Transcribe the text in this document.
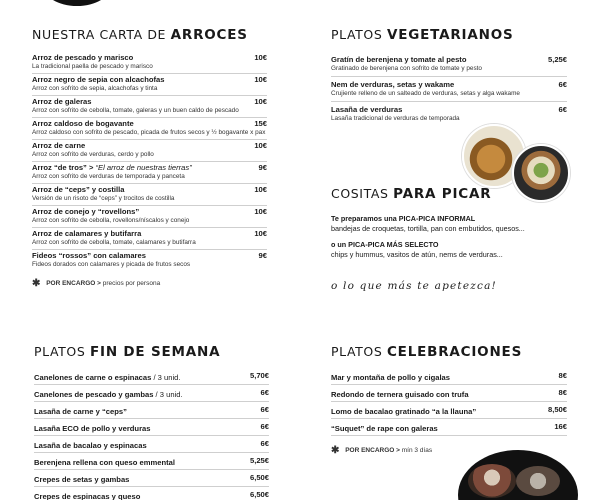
NUESTRA CARTA DE ARROCES
Arroz de pescado y marisco
La tradicional paella de pescado y marisco
10€
Arroz negro de sepia con alcachofas
Arroz con sofrito de sepia, alcachofas y tinta
10€
Arroz de galeras
Arroz con sofrito de cebolla, tomate, galeras y un buen caldo de pescado
10€
Arroz caldoso de bogavante
Arroz caldoso con sofrito de pescado, picada de frutos secos y ½ bogavante x pax
15€
Arroz de carne
Arroz con sofrito de verduras, cerdo y pollo
10€
Arroz “de tros” > “El arroz de nuestras tierras”
Arroz con sofrito de verduras de temporada y panceta
9€
Arroz de “ceps” y costilla
Versión de un risoto de “ceps” y trocitos de costilla
10€
Arroz de conejo y “rovellons”
Arroz con sofrito de cebolla, rovellons/níscalos y conejo
10€
Arroz de calamares y butifarra
Arroz con sofrito de cebolla, tomate, calamares y butifarra
10€
Fideos “rossos” con calamares
Fideos dorados con calamares y picada de frutos secos
9€
✱ POR ENCARGO > precios por persona
PLATOS VEGETARIANOS
Gratín de berenjena y tomate al pesto
Gratinado de berenjena con sofrito de tomate y pesto
5,25€
Nem de verduras, setas y wakame
Crujiente relleno de un salteado de verduras, setas y alga wakame
6€
Lasaña de verduras
Lasaña tradicional de verduras de temporada
6€
COSITAS PARA PICAR
Te preparamos una PICA-PICA INFORMAL
bandejas de croquetas, tortilla, pan con embutidos, quesos...
o un PICA-PICA MÁS SELECTO
chips y hummus, vasitos de atún, nems de verduras...
o lo que más te apetezca!
PLATOS FIN DE SEMANA
Canelones de carne o espinacas / 3 unid.	5,70€
Canelones de pescado y gambas / 3 unid.	6€
Lasaña de carne y “ceps”	6€
Lasaña ECO de pollo y verduras	6€
Lasaña de bacalao y espinacas	6€
Berenjena rellena con queso emmental	5,25€
Crepes de setas y gambas	6,50€
Crepes de espinacas y queso	6,50€
PLATOS CELEBRACIONES
Mar y montaña de pollo y cigalas	8€
Redondo de ternera guisado con trufa	8€
Lomo de bacalao gratinado “a la llauna”	8,50€
“Suquet” de rape con galeras	16€
✱ POR ENCARGO > mín 3 días
